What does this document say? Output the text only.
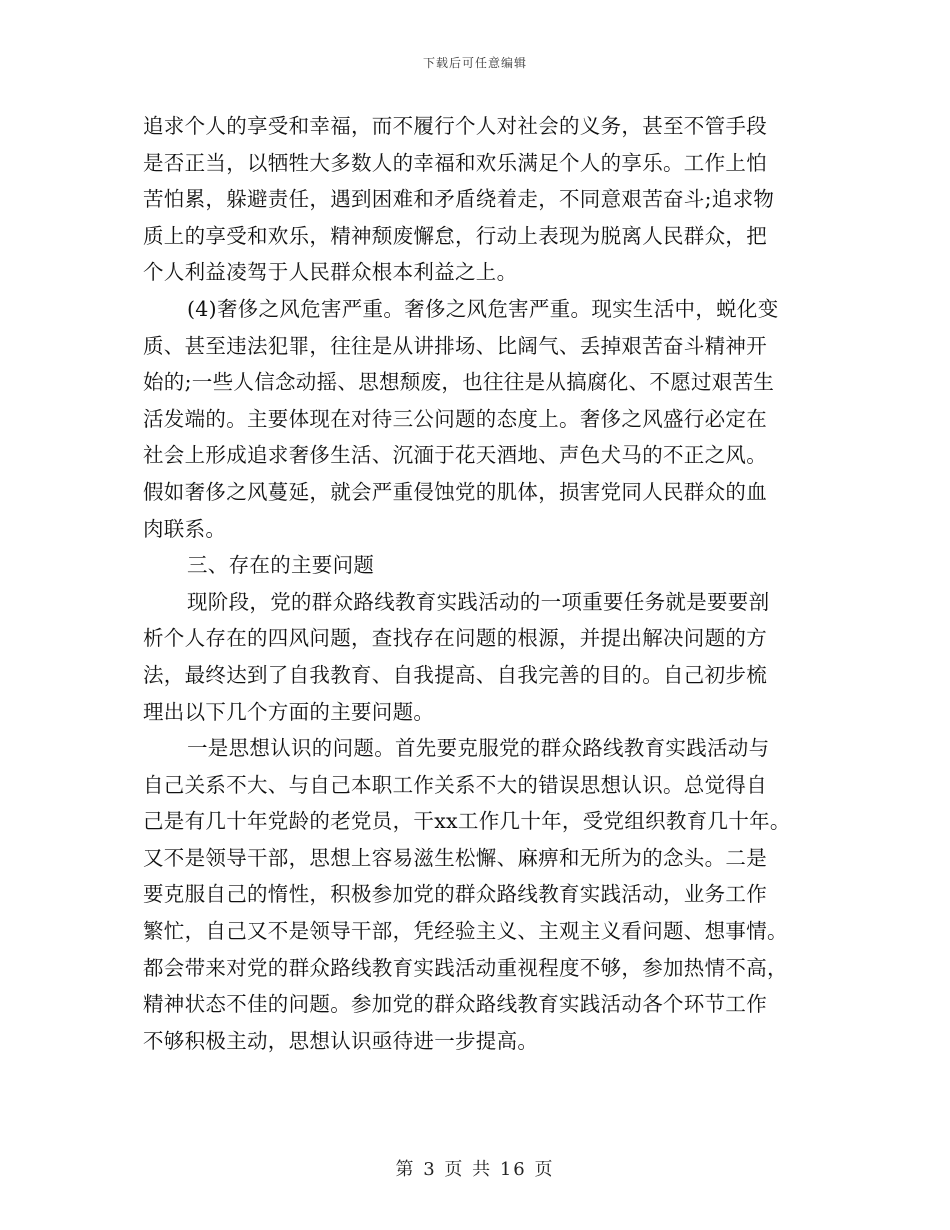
下载后可任意编辑
追求个人的享受和幸福，而不履行个人对社会的义务，甚至不管手段
是否正当，以牺牲大多数人的幸福和欢乐满足个人的享乐。工作上怕
苦怕累，躲避责任，遇到困难和矛盾绕着走，不同意艰苦奋斗;追求物
质上的享受和欢乐，精神颓废懈怠，行动上表现为脱离人民群众，把
个人利益凌驾于人民群众根本利益之上。
(4)奢侈之风危害严重。奢侈之风危害严重。现实生活中，蜕化变
质、甚至违法犯罪，往往是从讲排场、比阔气、丢掉艰苦奋斗精神开
始的;一些人信念动摇、思想颓废，也往往是从搞腐化、不愿过艰苦生
活发端的。主要体现在对待三公问题的态度上。奢侈之风盛行必定在
社会上形成追求奢侈生活、沉湎于花天酒地、声色犬马的不正之风。
假如奢侈之风蔓延，就会严重侵蚀党的肌体，损害党同人民群众的血
肉联系。
三、存在的主要问题
现阶段，党的群众路线教育实践活动的一项重要任务就是要要剖
析个人存在的四风问题，查找存在问题的根源，并提出解决问题的方
法，最终达到了自我教育、自我提高、自我完善的目的。自己初步梳
理出以下几个方面的主要问题。
一是思想认识的问题。首先要克服党的群众路线教育实践活动与
自己关系不大、与自己本职工作关系不大的错误思想认识。总觉得自
己是有几十年党龄的老党员，干xx工作几十年，受党组织教育几十年。
又不是领导干部，思想上容易滋生松懈、麻痹和无所为的念头。二是
要克服自己的惰性，积极参加党的群众路线教育实践活动，业务工作
繁忙，自己又不是领导干部，凭经验主义、主观主义看问题、想事情。
都会带来对党的群众路线教育实践活动重视程度不够，参加热情不高，
精神状态不佳的问题。参加党的群众路线教育实践活动各个环节工作
不够积极主动，思想认识亟待进一步提高。
第 3 页 共 16 页
